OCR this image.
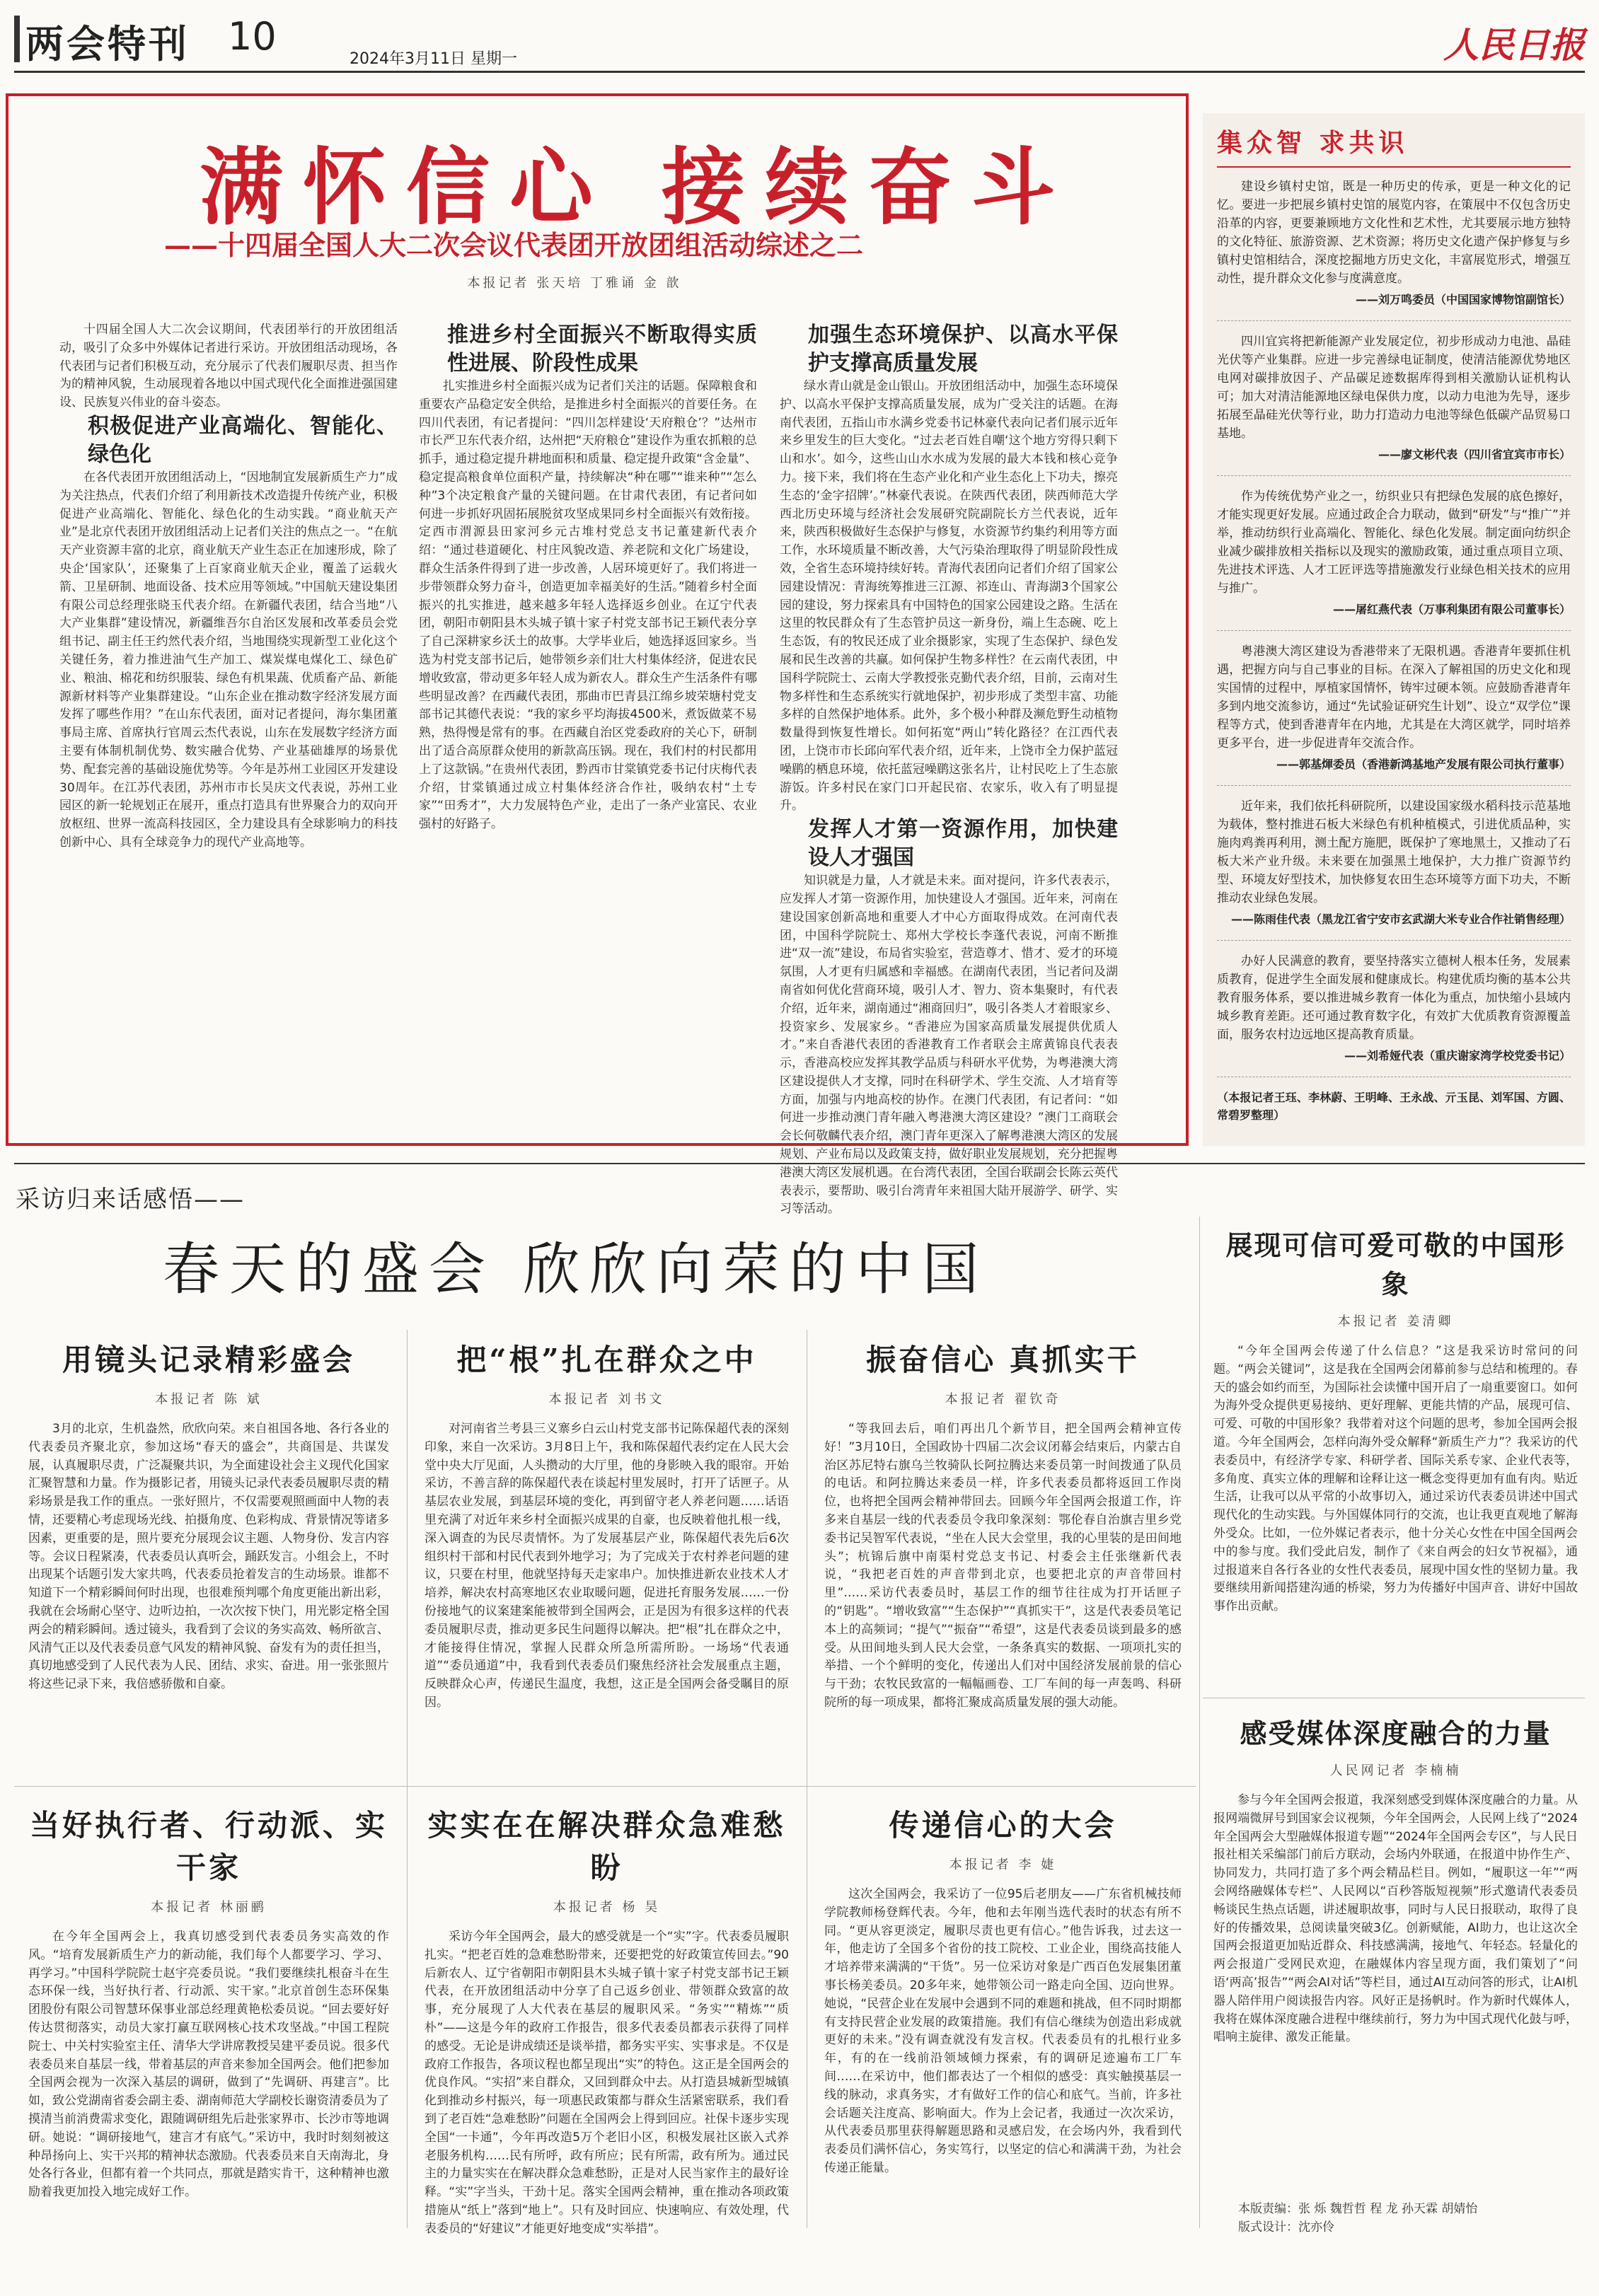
两会特刊 10
2024年3月11日 星期一	人民日报
满怀信心 接续奋斗
——十四届全国人大二次会议代表团开放团组活动综述之二
本报记者 张天培 丁雅诵 金 歆

十四届全国人大二次会议期间，代表团举行的开放团组活动，吸引了众多中外媒体记者进行采访。开放团组活动现场，各代表团与记者们积极互动，充分展示了代表们履职尽责、担当作为的精神风貌，生动展现着各地以中国式现代化全面推进强国建设、民族复兴伟业的奋斗姿态。

积极促进产业高端化、智能化、绿色化

在各代表团开放团组活动上，“因地制宜发展新质生产力”成为关注热点，代表们介绍了利用新技术改造提升传统产业，积极促进产业高端化、智能化、绿色化的生动实践。“商业航天产业”是北京代表团开放团组活动上记者们关注的焦点之一。“在航天产业资源丰富的北京，商业航天产业生态正在加速形成，除了央企‘国家队’，还聚集了上百家商业航天企业，覆盖了运载火箭、卫星研制、地面设备、技术应用等领域。”中国航天建设集团有限公司总经理张晓玉代表介绍。在新疆代表团，结合当地“八大产业集群”建设情况，新疆维吾尔自治区发展和改革委员会党组书记、副主任王约然代表介绍，当地围绕实现新型工业化这个关键任务，着力推进油气生产加工、煤炭煤电煤化工、绿色矿业、粮油、棉花和纺织服装、绿色有机果蔬、优质畜产品、新能源新材料等产业集群建设。“山东企业在推动数字经济发展方面发挥了哪些作用？”在山东代表团，面对记者提问，海尔集团董事局主席、首席执行官周云杰代表说，山东在发展数字经济方面主要有体制机制优势、数实融合优势、产业基础雄厚的场景优势、配套完善的基础设施优势等。今年是苏州工业园区开发建设30周年。在江苏代表团，苏州市市长吴庆文代表说，苏州工业园区的新一轮规划正在展开，重点打造具有世界聚合力的双向开放枢纽、世界一流高科技园区，全力建设具有全球影响力的科技创新中心、具有全球竞争力的现代产业高地等。

推进乡村全面振兴不断取得实质性进展、阶段性成果

扎实推进乡村全面振兴成为记者们关注的话题。保障粮食和重要农产品稳定安全供给，是推进乡村全面振兴的首要任务。在四川代表团，有记者提问：“四川怎样建设‘天府粮仓’？”达州市市长严卫东代表介绍，达州把“天府粮仓”建设作为重农抓粮的总抓手，通过稳定提升耕地面积和质量、稳定提升政策“含金量”、稳定提高粮食单位面积产量，持续解决“种在哪”“谁来种”“怎么种”3个决定粮食产量的关键问题。在甘肃代表团，有记者问如何进一步抓好巩固拓展脱贫攻坚成果同乡村全面振兴有效衔接。定西市渭源县田家河乡元古堆村党总支书记董建新代表介绍：“通过巷道硬化、村庄风貌改造、养老院和文化广场建设，群众生活条件得到了进一步改善，人居环境更好了。我们将进一步带领群众努力奋斗，创造更加幸福美好的生活。”随着乡村全面振兴的扎实推进，越来越多年轻人选择返乡创业。在辽宁代表团，朝阳市朝阳县木头城子镇十家子村党支部书记王颖代表分享了自己深耕家乡沃土的故事。大学毕业后，她选择返回家乡。当选为村党支部书记后，她带领乡亲们壮大村集体经济，促进农民增收致富，带动更多年轻人成为新农人。群众生产生活条件有哪些明显改善？在西藏代表团，那曲市巴青县江绵乡坡荣塘村党支部书记其德代表说：“我的家乡平均海拔4500米，煮饭做菜不易熟，热得慢是常有的事。在西藏自治区党委政府的关心下，研制出了适合高原群众使用的新款高压锅。现在，我们村的村民都用上了这款锅。”在贵州代表团，黔西市甘棠镇党委书记付庆梅代表介绍，甘棠镇通过成立村集体经济合作社，吸纳农村“土专家”“田秀才”，大力发展特色产业，走出了一条产业富民、农业强村的好路子。

加强生态环境保护、以高水平保护支撑高质量发展

绿水青山就是金山银山。开放团组活动中，加强生态环境保护、以高水平保护支撑高质量发展，成为广受关注的话题。在海南代表团，五指山市水满乡党委书记林豪代表向记者们展示近年来乡里发生的巨大变化。“过去老百姓自嘲‘这个地方穷得只剩下山和水’。如今，这些山山水水成为发展的最大本钱和核心竞争力。接下来，我们将在生态产业化和产业生态化上下功夫，擦亮生态的‘金字招牌’。”林豪代表说。在陕西代表团，陕西师范大学西北历史环境与经济社会发展研究院副院长方兰代表说，近年来，陕西积极做好生态保护与修复，水资源节约集约利用等方面工作，水环境质量不断改善，大气污染治理取得了明显阶段性成效，全省生态环境持续好转。青海代表团向记者们介绍了国家公园建设情况：青海统筹推进三江源、祁连山、青海湖3个国家公园的建设，努力探索具有中国特色的国家公园建设之路。生活在这里的牧民群众有了生态管护员这一新身份，端上生态碗、吃上生态饭，有的牧民还成了业余摄影家，实现了生态保护、绿色发展和民生改善的共赢。如何保护生物多样性？在云南代表团，中国科学院院士、云南大学教授张克勤代表介绍，目前，云南对生物多样性和生态系统实行就地保护，初步形成了类型丰富、功能多样的自然保护地体系。此外，多个极小种群及濒危野生动植物数量得到恢复性增长。如何拓宽“两山”转化路径？在江西代表团，上饶市市长邱向军代表介绍，近年来，上饶市全力保护蓝冠噪鹛的栖息环境，依托蓝冠噪鹛这张名片，让村民吃上了生态旅游饭。许多村民在家门口开起民宿、农家乐，收入有了明显提升。

发挥人才第一资源作用，加快建设人才强国

知识就是力量，人才就是未来。面对提问，许多代表表示，应发挥人才第一资源作用，加快建设人才强国。近年来，河南在建设国家创新高地和重要人才中心方面取得成效。在河南代表团，中国科学院院士、郑州大学校长李蓬代表说，河南不断推进“双一流”建设，布局省实验室，营造尊才、惜才、爱才的环境氛围，人才更有归属感和幸福感。在湖南代表团，当记者问及湖南省如何优化营商环境，吸引人才、智力、资本集聚时，有代表介绍，近年来，湖南通过“湘商回归”，吸引各类人才着眼家乡、投资家乡、发展家乡。“香港应为国家高质量发展提供优质人才。”来自香港代表团的香港教育工作者联会主席黄锦良代表表示，香港高校应发挥其教学品质与科研水平优势，为粤港澳大湾区建设提供人才支撑，同时在科研学术、学生交流、人才培育等方面，加强与内地高校的协作。在澳门代表团，有记者问：“如何进一步推动澳门青年融入粤港澳大湾区建设？”澳门工商联会会长何敬麟代表介绍，澳门青年更深入了解粤港澳大湾区的发展规划、产业布局以及政策支持，做好职业发展规划，充分把握粤港澳大湾区发展机遇。在台湾代表团，全国台联副会长陈云英代表表示，要帮助、吸引台湾青年来祖国大陆开展游学、研学、实习等活动。

集众智 求共识

建设乡镇村史馆，既是一种历史的传承，更是一种文化的记忆。要进一步把展乡镇村史馆的展览内容，在策展中不仅包含历史沿革的内容，更要兼顾地方文化性和艺术性，尤其要展示地方独特的文化特征、旅游资源、艺术资源；将历史文化遗产保护修复与乡镇村史馆相结合，深度挖掘地方历史文化，丰富展览形式，增强互动性，提升群众文化参与度满意度。

——刘万鸣委员（中国国家博物馆副馆长）

四川宜宾将把新能源产业发展定位，初步形成动力电池、晶硅光伏等产业集群。应进一步完善绿电证制度，使清洁能源优势地区电网对碳排放因子、产品碳足迹数据库得到相关激励认证机构认可；加大对清洁能源地区绿电保供力度，以动力电池为先导，逐步拓展至晶硅光伏等行业，助力打造动力电池等绿色低碳产品贸易口基地。

——廖文彬代表（四川省宜宾市市长）

作为传统优势产业之一，纺织业只有把绿色发展的底色擦好，才能实现更好发展。应通过政企合力联动，做到“研发”与“推广”并举，推动纺织行业高端化、智能化、绿色化发展。制定面向纺织企业减少碳排放相关指标以及现实的激励政策，通过重点项目立项、先进技术评选、人才工匠评选等措施激发行业绿色相关技术的应用与推广。

——屠红燕代表（万事利集团有限公司董事长）

粤港澳大湾区建设为香港带来了无限机遇。香港青年要抓住机遇，把握方向与自己事业的目标。在深入了解祖国的历史文化和现实国情的过程中，厚植家国情怀，铸牢过硬本领。应鼓励香港青年多到内地交流参访，通过“先试验证研究生计划”、设立“双学位”课程等方式，使到香港青年在内地，尤其是在大湾区就学，同时培养更多平台，进一步促进青年交流合作。

——郭基煇委员（香港新鸿基地产发展有限公司执行董事）

近年来，我们依托科研院所，以建设国家级水稻科技示范基地为载体，整村推进石板大米绿色有机种植模式，引进优质品种，实施肉鸡粪再利用，测土配方施肥，既保护了寒地黑土，又推动了石板大米产业升级。未来要在加强黑土地保护，大力推广资源节约型、环境友好型技术，加快修复农田生态环境等方面下功夫，不断推动农业绿色发展。

——陈雨佳代表（黑龙江省宁安市玄武湖大米专业合作社销售经理）

办好人民满意的教育，要坚持落实立德树人根本任务，发展素质教育，促进学生全面发展和健康成长。构建优质均衡的基本公共教育服务体系，要以推进城乡教育一体化为重点，加快缩小县域内城乡教育差距。还可通过教育数字化，有效扩大优质教育资源覆盖面，服务农村边远地区提高教育质量。

——刘希娅代表（重庆谢家湾学校党委书记）
（本报记者王珏、李林蔚、王明峰、王永战、亓玉昆、刘军国、方圆、常碧罗整理）
采访归来话感悟——
春天的盛会 欣欣向荣的中国
用镜头记录精彩盛会
本报记者 陈 斌

3月的北京，生机盎然，欣欣向荣。来自祖国各地、各行各业的代表委员齐聚北京，参加这场“春天的盛会”，共商国是、共谋发展，认真履职尽责，广泛凝聚共识，为全面建设社会主义现代化国家汇聚智慧和力量。作为摄影记者，用镜头记录代表委员履职尽责的精彩场景是我工作的重点。一张好照片，不仅需要观照画面中人物的表情，还要精心考虑现场光线、拍摄角度、色彩构成、背景情况等诸多因素，更重要的是，照片要充分展现会议主题、人物身份、发言内容等。会议日程紧凑，代表委员认真听会，踊跃发言。小组会上，不时出现某个话题引发大家共鸣，代表委员抢着发言的生动场景。谁都不知道下一个精彩瞬间何时出现，也很难预判哪个角度更能出新出彩，我就在会场耐心坚守、边听边拍，一次次按下快门，用光影定格全国两会的精彩瞬间。透过镜头，我看到了会议的务实高效、畅所欲言、风清气正以及代表委员意气风发的精神风貌、奋发有为的责任担当，真切地感受到了人民代表为人民、团结、求实、奋进。用一张张照片将这些记录下来，我倍感骄傲和自豪。

把“根”扎在群众之中
本报记者 刘书文

对河南省兰考县三义寨乡白云山村党支部书记陈保超代表的深刻印象，来自一次采访。3月8日上午，我和陈保超代表约定在人民大会堂中央大厅见面，人头攒动的大厅里，他的身影映入我的眼帘。开始采访，不善言辞的陈保超代表在谈起村里发展时，打开了话匣子。从基层农业发展，到基层环境的变化，再到留守老人养老问题……话语里充满了对近年来乡村全面振兴成果的自豪，也反映着他扎根一线，深入调查的为民尽责情怀。为了发展基层产业，陈保超代表先后6次组织村干部和村民代表到外地学习；为了完成关于农村养老问题的建议，只要在村里，他就坚持每天走家串户。加快推进新农业技术人才培养，解决农村高寒地区农业取暖问题，促进托育服务发展……一份份接地气的议案建案能被带到全国两会，正是因为有很多这样的代表委员履职尽责，推动更多民生问题得以解决。把“根”扎在群众之中，才能接得住情况，掌握人民群众所急所需所盼。一场场“代表通道”“委员通道”中，我看到代表委员们聚焦经济社会发展重点主题，反映群众心声，传递民生温度，我想，这正是全国两会备受瞩目的原因。

振奋信心 真抓实干
本报记者 翟钦奇

“等我回去后，咱们再出几个新节目，把全国两会精神宣传好！”3月10日，全国政协十四届二次会议闭幕会结束后，内蒙古自治区苏尼特右旗乌兰牧骑队长阿拉腾达来委员第一时间拨通了队员的电话。和阿拉腾达来委员一样，许多代表委员都将返回工作岗位，也将把全国两会精神带回去。回顾今年全国两会报道工作，许多来自基层一线的代表委员令我印象深刻：鄂伦春自治旗吉里乡党委书记吴智军代表说，“坐在人民大会堂里，我的心里装的是田间地头”；杭锦后旗中南渠村党总支书记、村委会主任张继新代表说，“我把老百姓的声音带到北京，也要把北京的声音带回村里”……采访代表委员时，基层工作的细节往往成为打开话匣子的“钥匙”。“增收致富”“生态保护”“真抓实干”，这是代表委员笔记本上的高频词；“提气”“振奋”“希望”，这是代表委员谈到最多的感受。从田间地头到人民大会堂，一条条真实的数据、一项项扎实的举措、一个个鲜明的变化，传递出人们对中国经济发展前景的信心与干劲；农牧民致富的一幅幅画卷、工厂车间的每一声轰鸣、科研院所的每一项成果，都将汇聚成高质量发展的强大动能。

当好执行者、行动派、实干家
本报记者 林丽鹂

在今年全国两会上，我真切感受到代表委员务实高效的作风。“培育发展新质生产力的新动能，我们每个人都要学习、学习、再学习。”中国科学院院士赵宇亮委员说。“我们要继续扎根奋斗在生态环保一线，当好执行者、行动派、实干家。”北京首创生态环保集团股份有限公司智慧环保事业部总经理黄艳松委员说。“回去要好好传达贯彻落实，动员大家打赢互联网核心技术攻坚战。”中国工程院院士、中关村实验室主任、清华大学讲席教授吴建平委员说。很多代表委员来自基层一线，带着基层的声音来参加全国两会。他们把参加全国两会视为一次深入基层的调研，做到了“先调研、再建言”。比如，致公党湖南省委会副主委、湖南师范大学副校长谢资清委员为了摸清当前消费需求变化，跟随调研组先后赴张家界市、长沙市等地调研。她说：“调研接地气，建言才有底气。”采访中，我时时刻刻被这种昂扬向上、实干兴邦的精神状态激励。代表委员来自天南海北，身处各行各业，但都有着一个共同点，那就是踏实肯干，这种精神也激励着我更加投入地完成好工作。

实实在在解决群众急难愁盼
本报记者 杨 昊

采访今年全国两会，最大的感受就是一个“实”字。代表委员履职扎实。“把老百姓的急难愁盼带来，还要把党的好政策宣传回去。”90后新农人、辽宁省朝阳市朝阳县木头城子镇十家子村党支部书记王颖代表，在开放团组活动中分享了自己返乡创业、带领群众致富的故事，充分展现了人大代表在基层的履职风采。“务实”“精炼”“质朴”——这是今年的政府工作报告，很多代表委员都表示获得了同样的感受。无论是讲成绩还是谈举措，都务实平实、实事求是。不仅是政府工作报告，各项议程也都呈现出“实”的特色。这正是全国两会的优良作风。“实招”来自群众，又回到群众中去。从打造县城新型城镇化到推动乡村振兴，每一项惠民政策都与群众生活紧密联系，我们看到了老百姓“急难愁盼”问题在全国两会上得到回应。社保卡逐步实现全国“一卡通”，今年再改造5万个老旧小区，积极发展社区嵌入式养老服务机构……民有所呼，政有所应；民有所需，政有所为。通过民主的力量实实在在解决群众急难愁盼，正是对人民当家作主的最好诠释。“实”字当头，干劲十足。落实全国两会精神，重在推动各项政策措施从“纸上”落到“地上”。只有及时回应、快速响应、有效处理，代表委员的“好建议”才能更好地变成“实举措”。

传递信心的大会
本报记者 李 婕

这次全国两会，我采访了一位95后老朋友——广东省机械技师学院教师杨登辉代表。今年，他和去年刚当选代表时的状态有所不同。“更从容更淡定，履职尽责也更有信心。”他告诉我，过去这一年，他走访了全国多个省份的技工院校、工业企业，围绕高技能人才培养带来满满的“干货”。另一位采访对象是广西百色发展集团董事长杨美委员。20多年来，她带领公司一路走向全国、迈向世界。她说，“民营企业在发展中会遇到不同的难题和挑战，但不同时期都有支持民营企业发展的政策措施。我们有信心继续为创造出彩成就更好的未来。”没有调查就没有发言权。代表委员有的扎根行业多年，有的在一线前沿领域倾力探索，有的调研足迹遍布工厂车间……在采访中，他们都表达了一个相似的感受：真实触摸基层一线的脉动，求真务实，才有做好工作的信心和底气。当前，许多社会话题关注度高、影响面大。作为上会记者，我通过一次次采访，从代表委员那里获得解题思路和灵感启发，在会场内外，我看到代表委员们满怀信心，务实笃行，以坚定的信心和满满干劲，为社会传递正能量。

展现可信可爱可敬的中国形象
本报记者 姜清卿

“今年全国两会传递了什么信息？”这是我采访时常问的问题。“两会关键词”，这是我在全国两会闭幕前参与总结和梳理的。春天的盛会如约而至，为国际社会读懂中国开启了一扇重要窗口。如何为海外受众提供更易接纳、更好理解、更能共情的产品，展现可信、可爱、可敬的中国形象？我带着对这个问题的思考，参加全国两会报道。今年全国两会，怎样向海外受众解释“新质生产力”？我采访的代表委员中，有经济学专家、科研学者、国际关系专家、企业代表等，多角度、真实立体的理解和诠释让这一概念变得更加有血有肉。贴近生活，让我可以从平常的小故事切入，通过采访代表委员讲述中国式现代化的生动实践。与外国媒体同行的交流，也让我更直观地了解海外受众。比如，一位外媒记者表示，他十分关心女性在中国全国两会中的参与度。我们受此启发，制作了《来自两会的妇女节祝福》，通过报道来自各行各业的女性代表委员，展现中国女性的坚韧力量。我要继续用新闻搭建沟通的桥梁，努力为传播好中国声音、讲好中国故事作出贡献。

感受媒体深度融合的力量
人民网记者 李楠楠

参与今年全国两会报道，我深刻感受到媒体深度融合的力量。从报网端微屏号到国家会议视频，今年全国两会，人民网上线了“2024年全国两会大型融媒体报道专题”“2024年全国两会专区”，与人民日报社相关采编部门前后方联动，会场内外联通，在报道中协作生产、协同发力，共同打造了多个两会精品栏目。例如，“履职这一年”“两会网络融媒体专栏”、人民网以“百秒答版短视频”形式邀请代表委员畅谈民生热点话题，讲述履职故事，同时与人民日报联动，取得了良好的传播效果，总阅读量突破3亿。创新赋能，AI助力，也让这次全国两会报道更加贴近群众、科技感满满，接地气、年轻态。轻量化的两会报道广受网民欢迎，在融媒体内容呈现方面，我们策划了“问语‘两高’报告”“两会AI对话”等栏目，通过AI互动问答的形式，让AI机器人陪伴用户阅读报告内容。风好正是扬帆时。作为新时代媒体人，我将在媒体深度融合进程中继续前行，努力为中国式现代化鼓与呼，唱响主旋律、激发正能量。

本版责编：张 烁 魏哲哲 程 龙 孙天霖 胡婧怡
版式设计：沈亦伶
